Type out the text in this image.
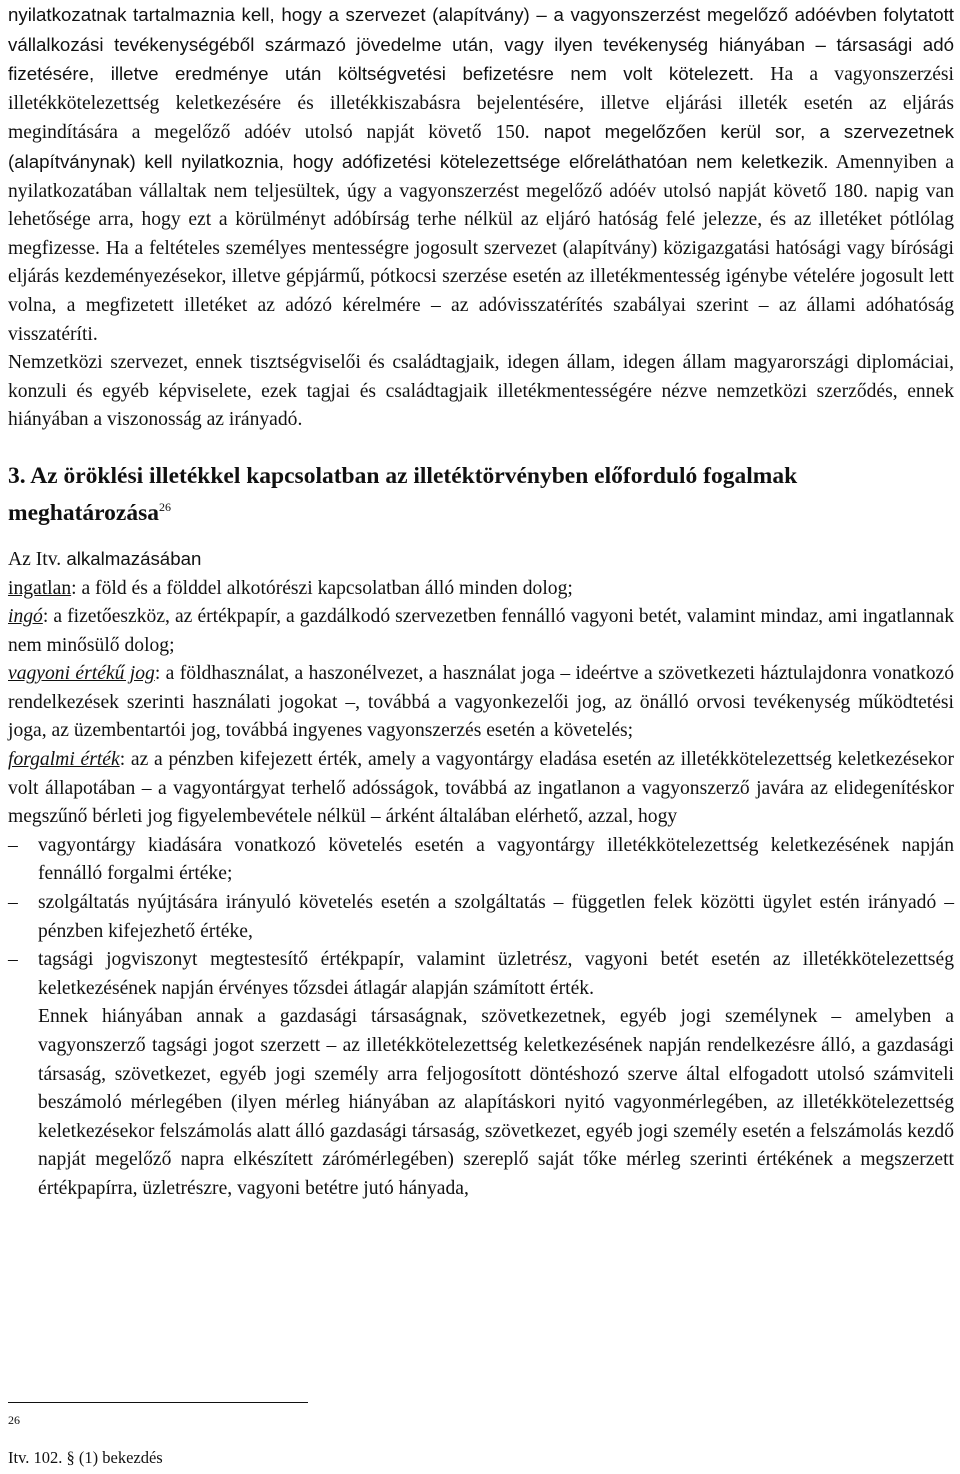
nyilatkozatnak tartalmaznia kell, hogy a szervezet (alapítvány) – a vagyonszerzést megelőző adóévben folytatott vállalkozási tevékenységéből származó jövedelme után, vagy ilyen tevékenység hiányában – társasági adó fizetésére, illetve eredménye után költségvetési befizetésre nem volt kötelezett. Ha a vagyonszerzési illetékkötelezettség keletkezésére és illetékkiszabásra bejelentésére, illetve eljárási illeték esetén az eljárás megindítására a megelőző adóév utolsó napját követő 150. napot megelőzően kerül sor, a szervezetnek (alapítványnak) kell nyilatkoznia, hogy adófizetési kötelezettsége előreláthatóan nem keletkezik. Amennyiben a nyilatkozatában vállaltak nem teljesültek, úgy a vagyonszerzést megelőző adóév utolsó napját követő 180. napig van lehetősége arra, hogy ezt a körülményt adóbírság terhe nélkül az eljáró hatóság felé jelezze, és az illetéket pótlólag megfizesse. Ha a feltételes személyes mentességre jogosult szervezet (alapítvány) közigazgatási hatósági vagy bírósági eljárás kezdeményezésekor, illetve gépjármű, pótkocsi szerzése esetén az illetékmentesség igénybe vételére jogosult lett volna, a megfizetett illetéket az adózó kérelmére – az adóvisszatérítés szabályai szerint – az állami adóhatóság visszatéríti.

Nemzetközi szervezet, ennek tisztségviselői és családtagjaik, idegen állam, idegen állam magyarországi diplomáciai, konzuli és egyéb képviselete, ezek tagjai és családtagjaik illetékmentességére nézve nemzetközi szerződés, ennek hiányában a viszonosság az irányadó.

3. Az öröklési illetékkel kapcsolatban az illetéktörvényben előforduló fogalmak meghatározása$^{26}$

Az Itv. alkalmazásában

ingatlan: a föld és a földdel alkotórészi kapcsolatban álló minden dolog;

ingó: a fizetőeszköz, az értékpapír, a gazdálkodó szervezetben fennálló vagyoni betét, valamint mindaz, ami ingatlannak nem minősülő dolog;

vagyoni értékű jog: a földhasználat, a haszonélvezet, a használat joga – ideértve a szövetkezeti háztulajdonra vonatkozó rendelkezések szerinti használati jogokat –, továbbá a vagyonkezelői jog, az önálló orvosi tevékenység működtetési joga, az üzembentartói jog, továbbá ingyenes vagyonszerzés esetén a követelés;

forgalmi érték: az a pénzben kifejezett érték, amely a vagyontárgy eladása esetén az illetékkötelezettség keletkezésekor volt állapotában – a vagyontárgyat terhelő adósságok, továbbá az ingatlanon a vagyonszerző javára az elidegenítéskor megszűnő bérleti jog figyelembevétele nélkül – árként általában elérhető, azzal, hogy

– vagyontárgy kiadására vonatkozó követelés esetén a vagyontárgy illetékkötelezettség keletkezésének napján fennálló forgalmi értéke;
– szolgáltatás nyújtására irányuló követelés esetén a szolgáltatás – független felek közötti ügylet estén irányadó – pénzben kifejezhető értéke,
– tagsági jogviszonyt megtestesítő értékpapír, valamint üzletrész, vagyoni betét esetén az illetékkötelezettség keletkezésének napján érvényes tőzsdei átlagár alapján számított érték.

Ennek hiányában annak a gazdasági társaságnak, szövetkezetnek, egyéb jogi személynek – amelyben a vagyonszerző tagsági jogot szerzett – az illetékkötelezettség keletkezésének napján rendelkezésre álló, a gazdasági társaság, szövetkezet, egyéb jogi személy arra feljogosított döntéshozó szerve által elfogadott utolsó számviteli beszámoló mérlegében (ilyen mérleg hiányában az alapításkori nyitó vagyonmérlegében, az illetékkötelezettség keletkezésekor felszámolás alatt álló gazdasági társaság, szövetkezet, egyéb jogi személy esetén a felszámolás kezdő napját megelőző napra elkészített zárómérlegében) szereplő saját tőke mérleg szerinti értékének a megszerzett értékpapírra, üzletrészre, vagyoni betétre jutó hányada,

$^{26}$
Itv. 102. § (1) bekezdés
